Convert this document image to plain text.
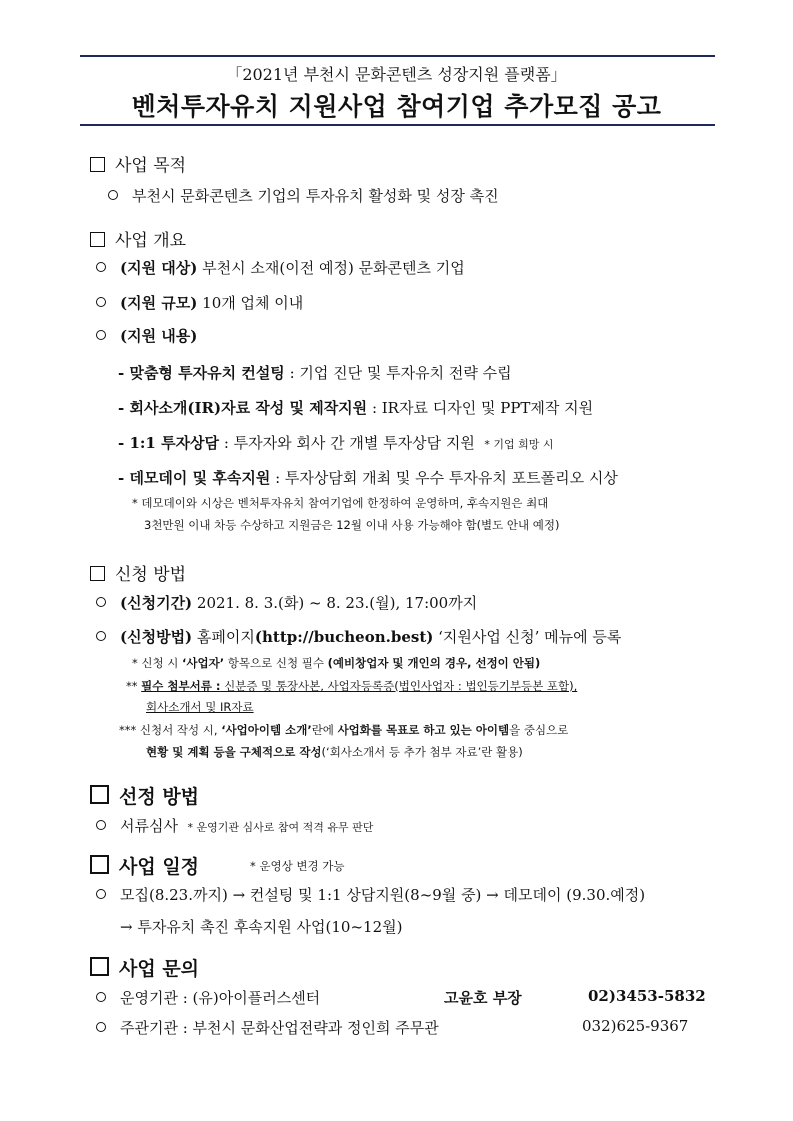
「2021년 부천시 문화콘텐츠 성장지원 플랫폼」
벤처투자유치 지원사업 참여기업 추가모집 공고
사업 목적
부천시 문화콘텐츠 기업의 투자유치 활성화 및 성장 촉진
사업 개요
(지원 대상) 부천시 소재(이전 예정) 문화콘텐츠 기업
(지원 규모) 10개 업체 이내
(지원 내용)
- 맞춤형 투자유치 컨설팅 : 기업 진단 및 투자유치 전략 수립
- 회사소개(IR)자료 작성 및 제작지원 : IR자료 디자인 및 PPT제작 지원
- 1:1 투자상담 : 투자자와 회사 간 개별 투자상담 지원 * 기업 희망 시
- 데모데이 및 후속지원 : 투자상담회 개최 및 우수 투자유치 포트폴리오 시상
* 데모데이와 시상은 벤처투자유치 참여기업에 한정하여 운영하며, 후속지원은 최대
3천만원 이내 차등 수상하고 지원금은 12월 이내 사용 가능해야 함(별도 안내 예정)
신청 방법
(신청기간) 2021. 8. 3.(화) ~ 8. 23.(월), 17:00까지
(신청방법) 홈페이지(http://bucheon.best) ‘지원사업 신청’ 메뉴에 등록
* 신청 시 ‘사업자’ 항목으로 신청 필수 (예비창업자 및 개인의 경우, 선정이 안됨)
** 필수 첨부서류 : 신분증 및 통장사본, 사업자등록증(법인사업자 : 법인등기부등본 포함),
회사소개서 및 IR자료
*** 신청서 작성 시, ‘사업아이템 소개’란에 사업화를 목표로 하고 있는 아이템을 중심으로
현황 및 계획 등을 구체적으로 작성(‘회사소개서 등 추가 첨부 자료’란 활용)
선정 방법
서류심사 * 운영기관 심사로 참여 적격 유무 판단
사업 일정	* 운영상 변경 가능
모집(8.23.까지) → 컨설팅 및 1:1 상담지원(8~9월 중) → 데모데이 (9.30.예정)
→ 투자유치 촉진 후속지원 사업(10~12월)
사업 문의
운영기관 : (유)아이플러스센터	고윤호 부장	02)3453-5832
주관기관 : 부천시 문화산업전략과 정인희 주무관	032)625-9367
